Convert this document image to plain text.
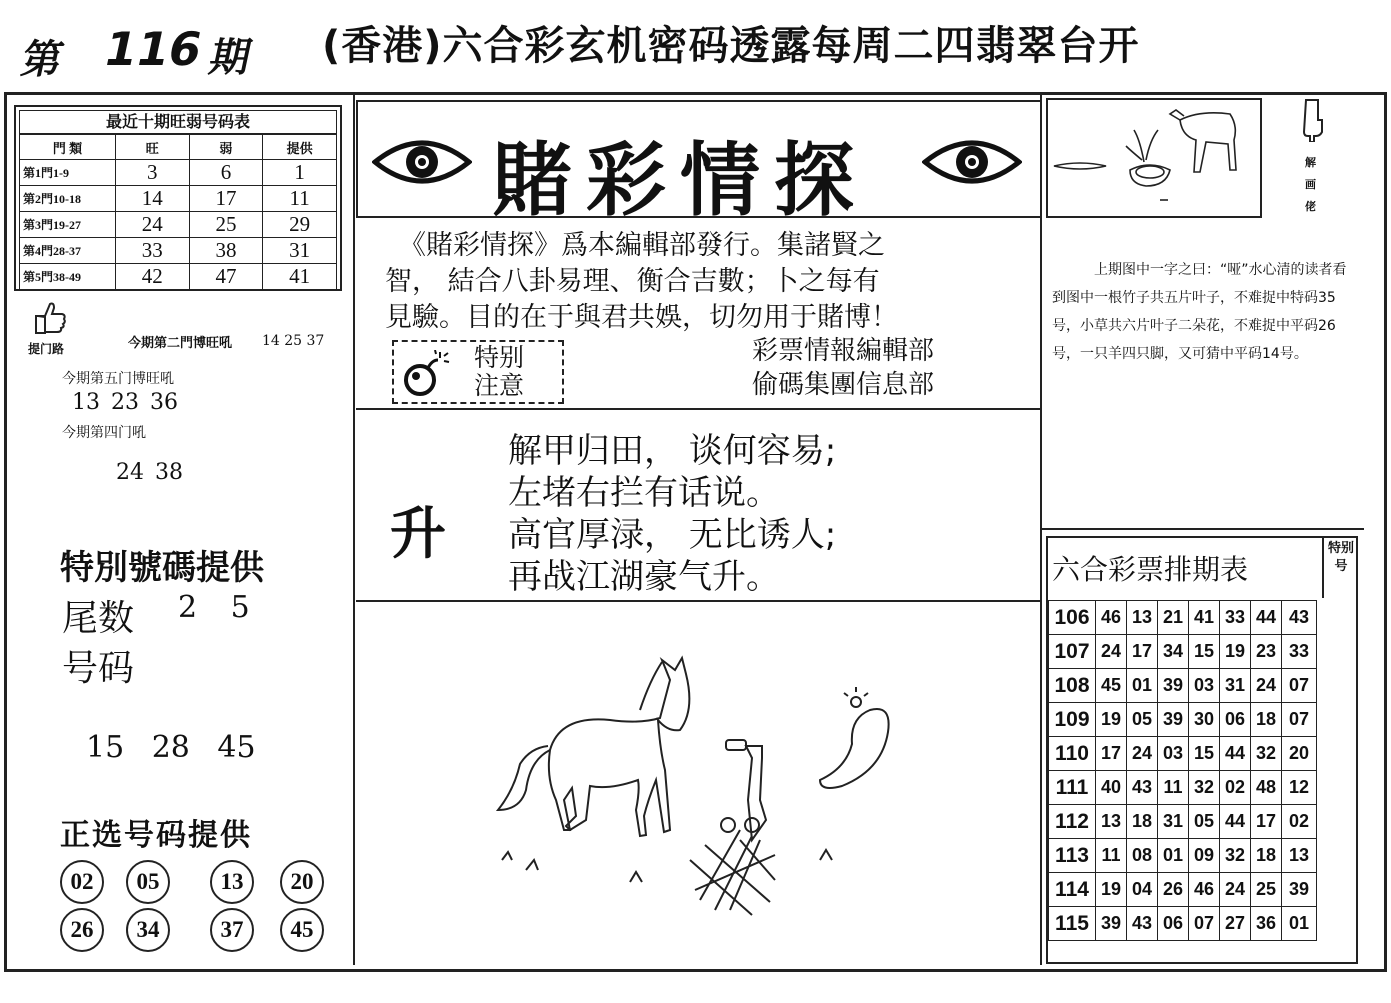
第 116
期 (香港)六合彩玄机密码透露每周二四翡翠台开
最近十期旺弱号码表
門 類	旺	弱	提供
第1門1-9	3	6	1
第2門10-18	14	17	11
第3門19-27	24	25	29
第4門28-37	33	38	31
第5門38-49	42	47	41
提门路	今期第二門博旺吼 14 25 37
今期第五门博旺吼
13 23 36
今期第四门吼
24 38
特別號碼提供
尾数 2 5
号码
15 28 45
正选号码提供
02	05	13	20
26	34	37	45
賭彩情探
《賭彩情探》爲本編輯部發行。集諸賢之
智， 結合八卦易理、衡合吉數；卜之每有
見驗。目的在于與君共娛，切勿用于賭博！
特别
注意
彩票情報編輯部
偷碼集團信息部
升
解甲归田， 谈何容易;
左堵右拦有话说。
高官厚渌， 无比诱人;
再战江湖豪气升。
解
画
佬
上期图中一字之曰：“哑”水心清的读者看到图中一根竹子共五片叶子，不难捉中特码35号，小草共六片叶子二朵花，不难捉中平码26号，一只羊四只脚，又可猜中平码14号。
六合彩票排期表
特别号
106	46	13	21	41	33	44	43
107	24	17	34	15	19	23	33
108	45	01	39	03	31	24	07
109	19	05	39	30	06	18	07
110	17	24	03	15	44	32	20
111	40	43	11	32	02	48	12
112	13	18	31	05	44	17	02
113	11	08	01	09	32	18	13
114	19	04	26	46	24	25	39
115	39	43	06	07	27	36	01
